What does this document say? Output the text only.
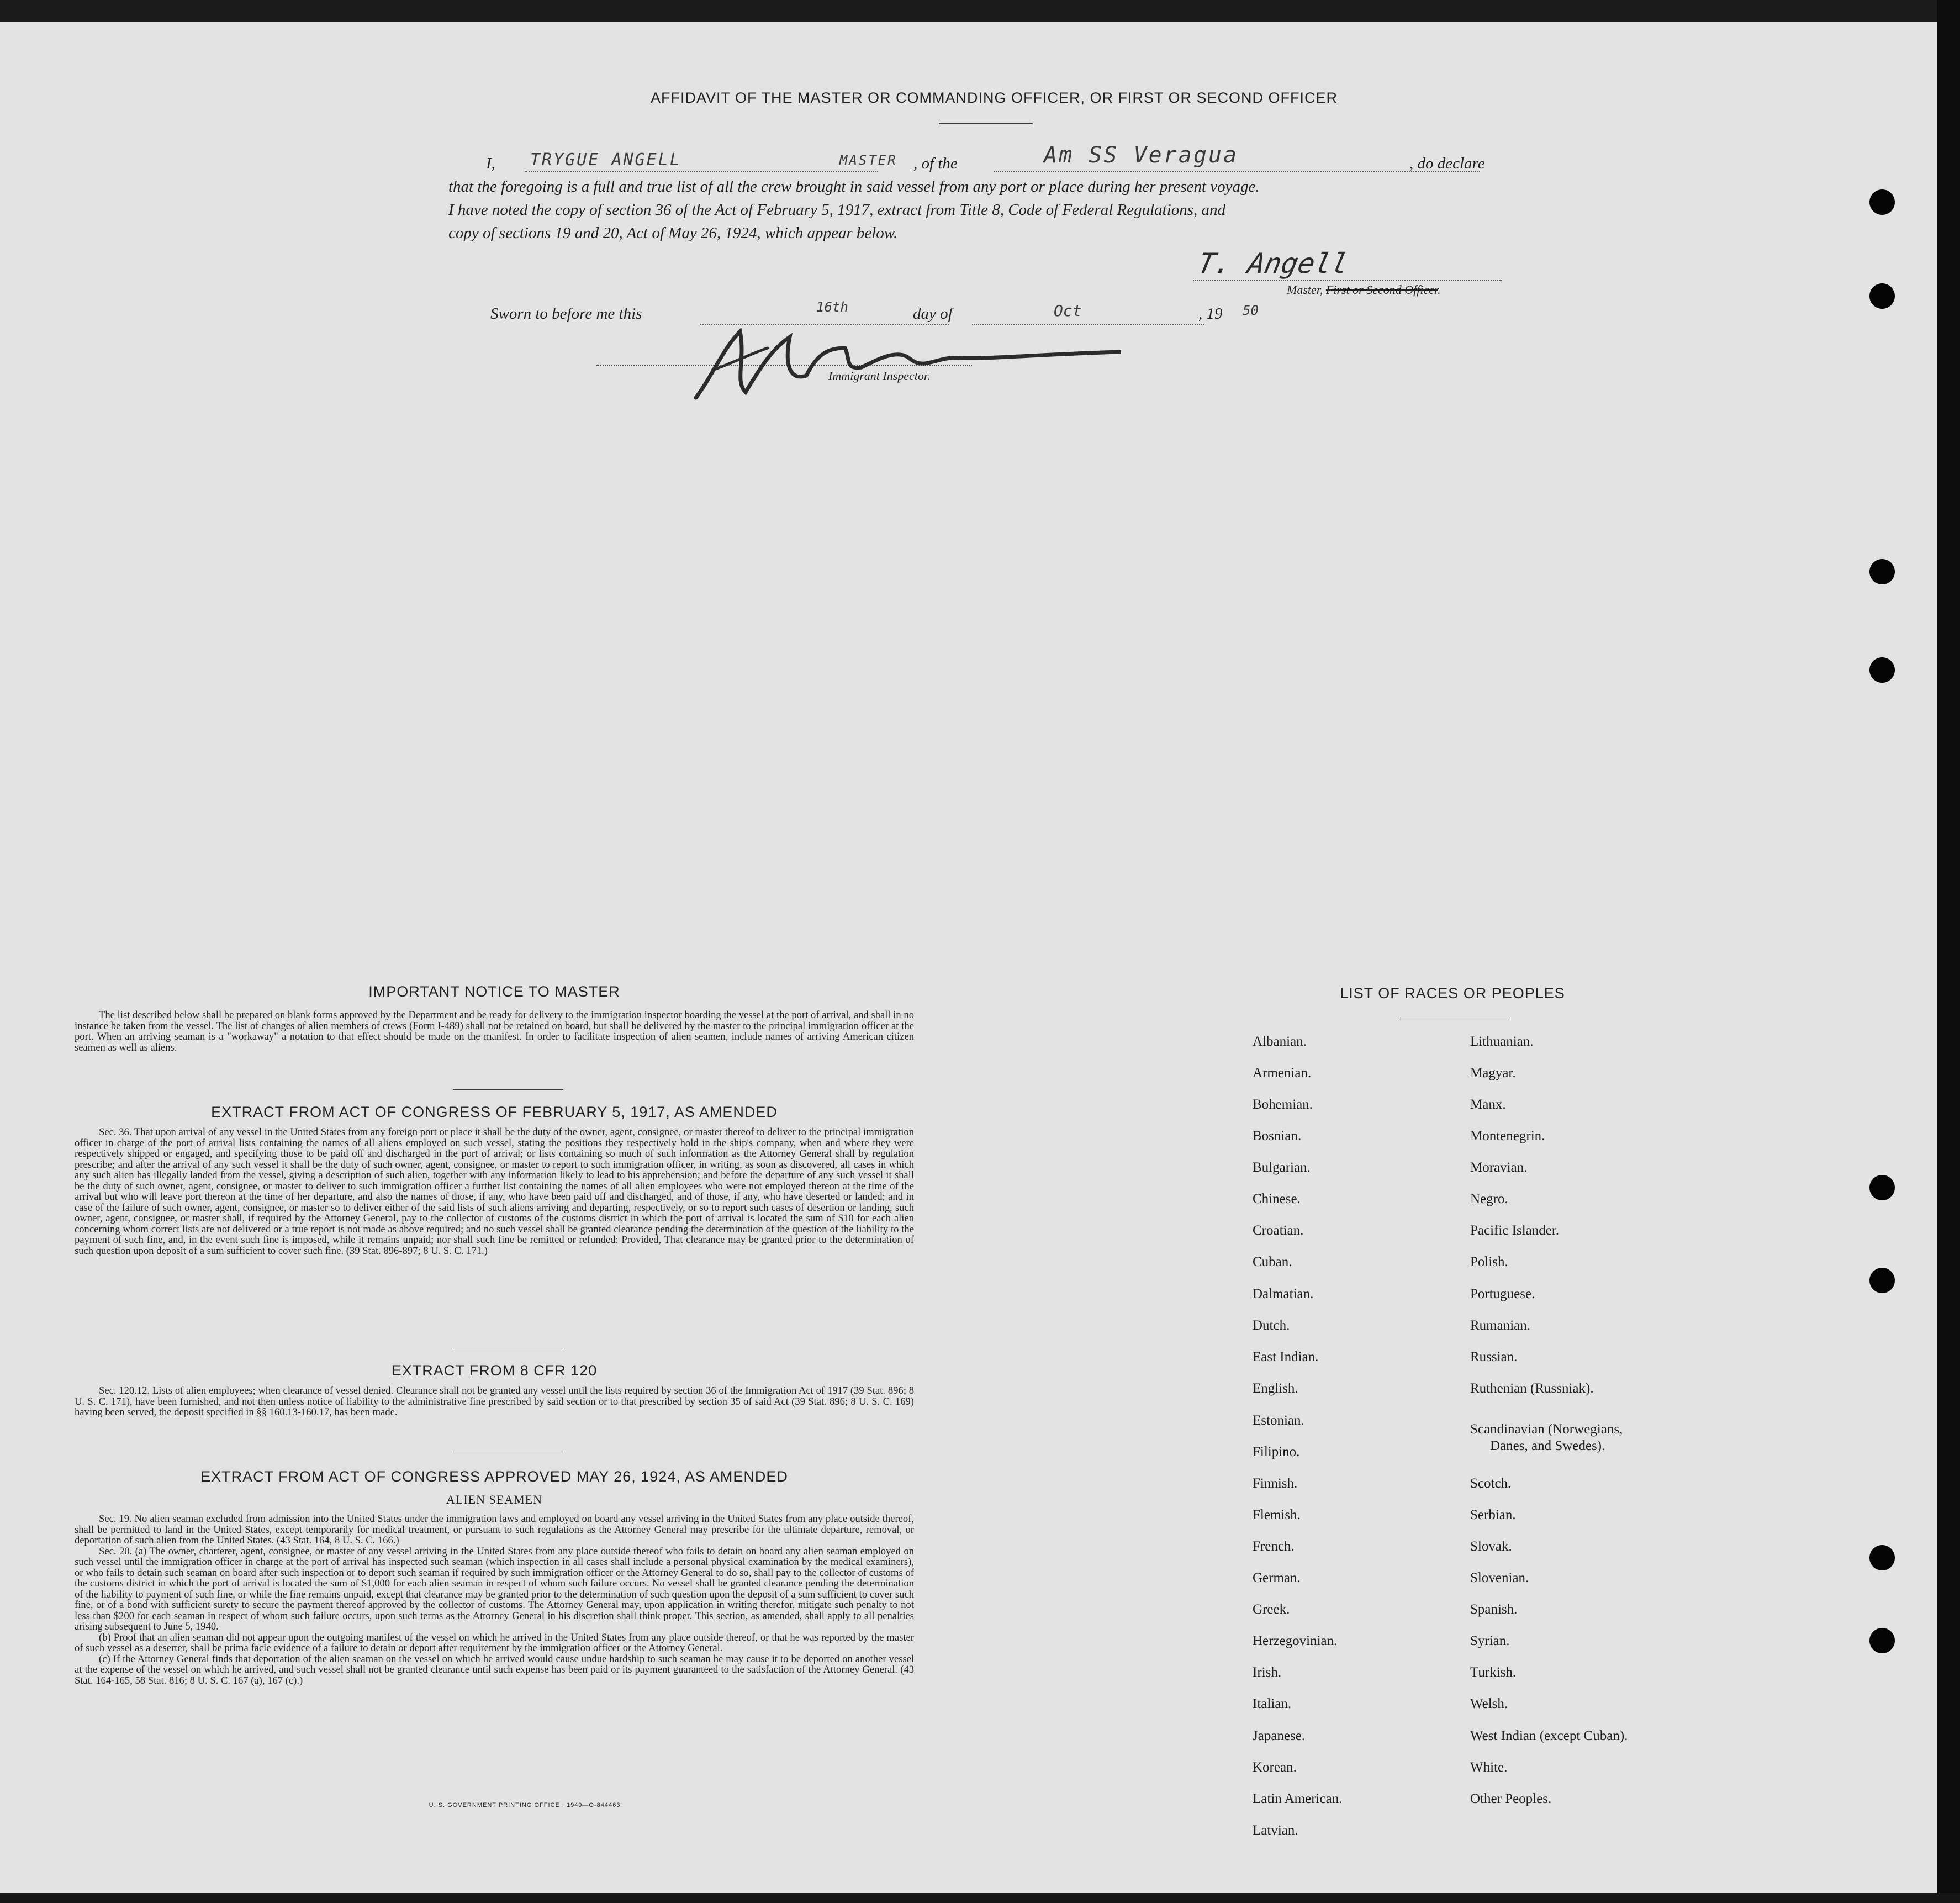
AFFIDAVIT OF THE MASTER OR COMMANDING OFFICER, OR FIRST OR SECOND OFFICER
I, TRYGUE ANGELL	MASTER , of the	Am SS Veragua	, do declare
that the foregoing is a full and true list of all the crew brought in said vessel from any port or place during her present voyage.
I have noted the copy of section 36 of the Act of February 5, 1917, extract from Title 8, Code of Federal Regulations, and
copy of sections 19 and 20, Act of May 26, 1924, which appear below.
T. Angell
Master, First or Second Officer.
Sworn to before me this	16th	day of	Oct	, 19 50
Immigrant Inspector.
IMPORTANT NOTICE TO MASTER

The list described below shall be prepared on blank forms approved by the Department and be ready for delivery to the immigration inspector boarding the vessel at the port of arrival, and shall in no instance be taken from the vessel. The list of changes of alien members of crews (Form I-489) shall not be retained on board, but shall be delivered by the master to the principal immigration officer at the port. When an arriving seaman is a "workaway" a notation to that effect should be made on the manifest. In order to facilitate inspection of alien seamen, include names of arriving American citizen seamen as well as aliens.

EXTRACT FROM ACT OF CONGRESS OF FEBRUARY 5, 1917, AS AMENDED

Sec. 36. That upon arrival of any vessel in the United States from any foreign port or place it shall be the duty of the owner, agent, consignee, or master thereof to deliver to the principal immigration officer in charge of the port of arrival lists containing the names of all aliens employed on such vessel, stating the positions they respectively hold in the ship's company, when and where they were respectively shipped or engaged, and specifying those to be paid off and discharged in the port of arrival; or lists containing so much of such information as the Attorney General shall by regulation prescribe; and after the arrival of any such vessel it shall be the duty of such owner, agent, consignee, or master to report to such immigration officer, in writing, as soon as discovered, all cases in which any such alien has illegally landed from the vessel, giving a description of such alien, together with any information likely to lead to his apprehension; and before the departure of any such vessel it shall be the duty of such owner, agent, consignee, or master to deliver to such immigration officer a further list containing the names of all alien employees who were not employed thereon at the time of the arrival but who will leave port thereon at the time of her departure, and also the names of those, if any, who have been paid off and discharged, and of those, if any, who have deserted or landed; and in case of the failure of such owner, agent, consignee, or master so to deliver either of the said lists of such aliens arriving and departing, respectively, or so to report such cases of desertion or landing, such owner, agent, consignee, or master shall, if required by the Attorney General, pay to the collector of customs of the customs district in which the port of arrival is located the sum of $10 for each alien concerning whom correct lists are not delivered or a true report is not made as above required; and no such vessel shall be granted clearance pending the determination of the question of the liability to the payment of such fine, and, in the event such fine is imposed, while it remains unpaid; nor shall such fine be remitted or refunded: Provided, That clearance may be granted prior to the determination of such question upon deposit of a sum sufficient to cover such fine. (39 Stat. 896-897; 8 U. S. C. 171.)

EXTRACT FROM 8 CFR 120

Sec. 120.12. Lists of alien employees; when clearance of vessel denied. Clearance shall not be granted any vessel until the lists required by section 36 of the Immigration Act of 1917 (39 Stat. 896; 8 U. S. C. 171), have been furnished, and not then unless notice of liability to the administrative fine prescribed by said section or to that prescribed by section 35 of said Act (39 Stat. 896; 8 U. S. C. 169) having been served, the deposit specified in §§ 160.13-160.17, has been made.

EXTRACT FROM ACT OF CONGRESS APPROVED MAY 26, 1924, AS AMENDED
ALIEN SEAMEN

Sec. 19. No alien seaman excluded from admission into the United States under the immigration laws and employed on board any vessel arriving in the United States from any place outside thereof, shall be permitted to land in the United States, except temporarily for medical treatment, or pursuant to such regulations as the Attorney General may prescribe for the ultimate departure, removal, or deportation of such alien from the United States. (43 Stat. 164, 8 U. S. C. 166.)

Sec. 20. (a) The owner, charterer, agent, consignee, or master of any vessel arriving in the United States from any place outside thereof who fails to detain on board any alien seaman employed on such vessel until the immigration officer in charge at the port of arrival has inspected such seaman (which inspection in all cases shall include a personal physical examination by the medical examiners), or who fails to detain such seaman on board after such inspection or to deport such seaman if required by such immigration officer or the Attorney General to do so, shall pay to the collector of customs of the customs district in which the port of arrival is located the sum of $1,000 for each alien seaman in respect of whom such failure occurs. No vessel shall be granted clearance pending the determination of the liability to payment of such fine, or while the fine remains unpaid, except that clearance may be granted prior to the determination of such question upon the deposit of a sum sufficient to cover such fine, or of a bond with sufficient surety to secure the payment thereof approved by the collector of customs. The Attorney General may, upon application in writing therefor, mitigate such penalty to not less than $200 for each seaman in respect of whom such failure occurs, upon such terms as the Attorney General in his discretion shall think proper. This section, as amended, shall apply to all penalties arising subsequent to June 5, 1940.

(b) Proof that an alien seaman did not appear upon the outgoing manifest of the vessel on which he arrived in the United States from any place outside thereof, or that he was reported by the master of such vessel as a deserter, shall be prima facie evidence of a failure to detain or deport after requirement by the immigration officer or the Attorney General.

(c) If the Attorney General finds that deportation of the alien seaman on the vessel on which he arrived would cause undue hardship to such seaman he may cause it to be deported on another vessel at the expense of the vessel on which he arrived, and such vessel shall not be granted clearance until such expense has been paid or its payment guaranteed to the satisfaction of the Attorney General. (43 Stat. 164-165, 58 Stat. 816; 8 U. S. C. 167 (a), 167 (c).)

U. S. GOVERNMENT PRINTING OFFICE : 1949—O-844463
LIST OF RACES OR PEOPLES
Albanian.
Armenian.
Bohemian.
Bosnian.
Bulgarian.
Chinese.
Croatian.
Cuban.
Dalmatian.
Dutch.
East Indian.
English.
Estonian.
Filipino.
Finnish.
Flemish.
French.
German.
Greek.
Herzegovinian.
Irish.
Italian.
Japanese.
Korean.
Latin American.
Latvian.
Lithuanian.
Magyar.
Manx.
Montenegrin.
Moravian.
Negro.
Pacific Islander.
Polish.
Portuguese.
Rumanian.
Russian.
Ruthenian (Russniak).
Scandinavian (Norwegians,
Danes, and Swedes).
Scotch.
Serbian.
Slovak.
Slovenian.
Spanish.
Syrian.
Turkish.
Welsh.
West Indian (except Cuban).
White.
Other Peoples.
